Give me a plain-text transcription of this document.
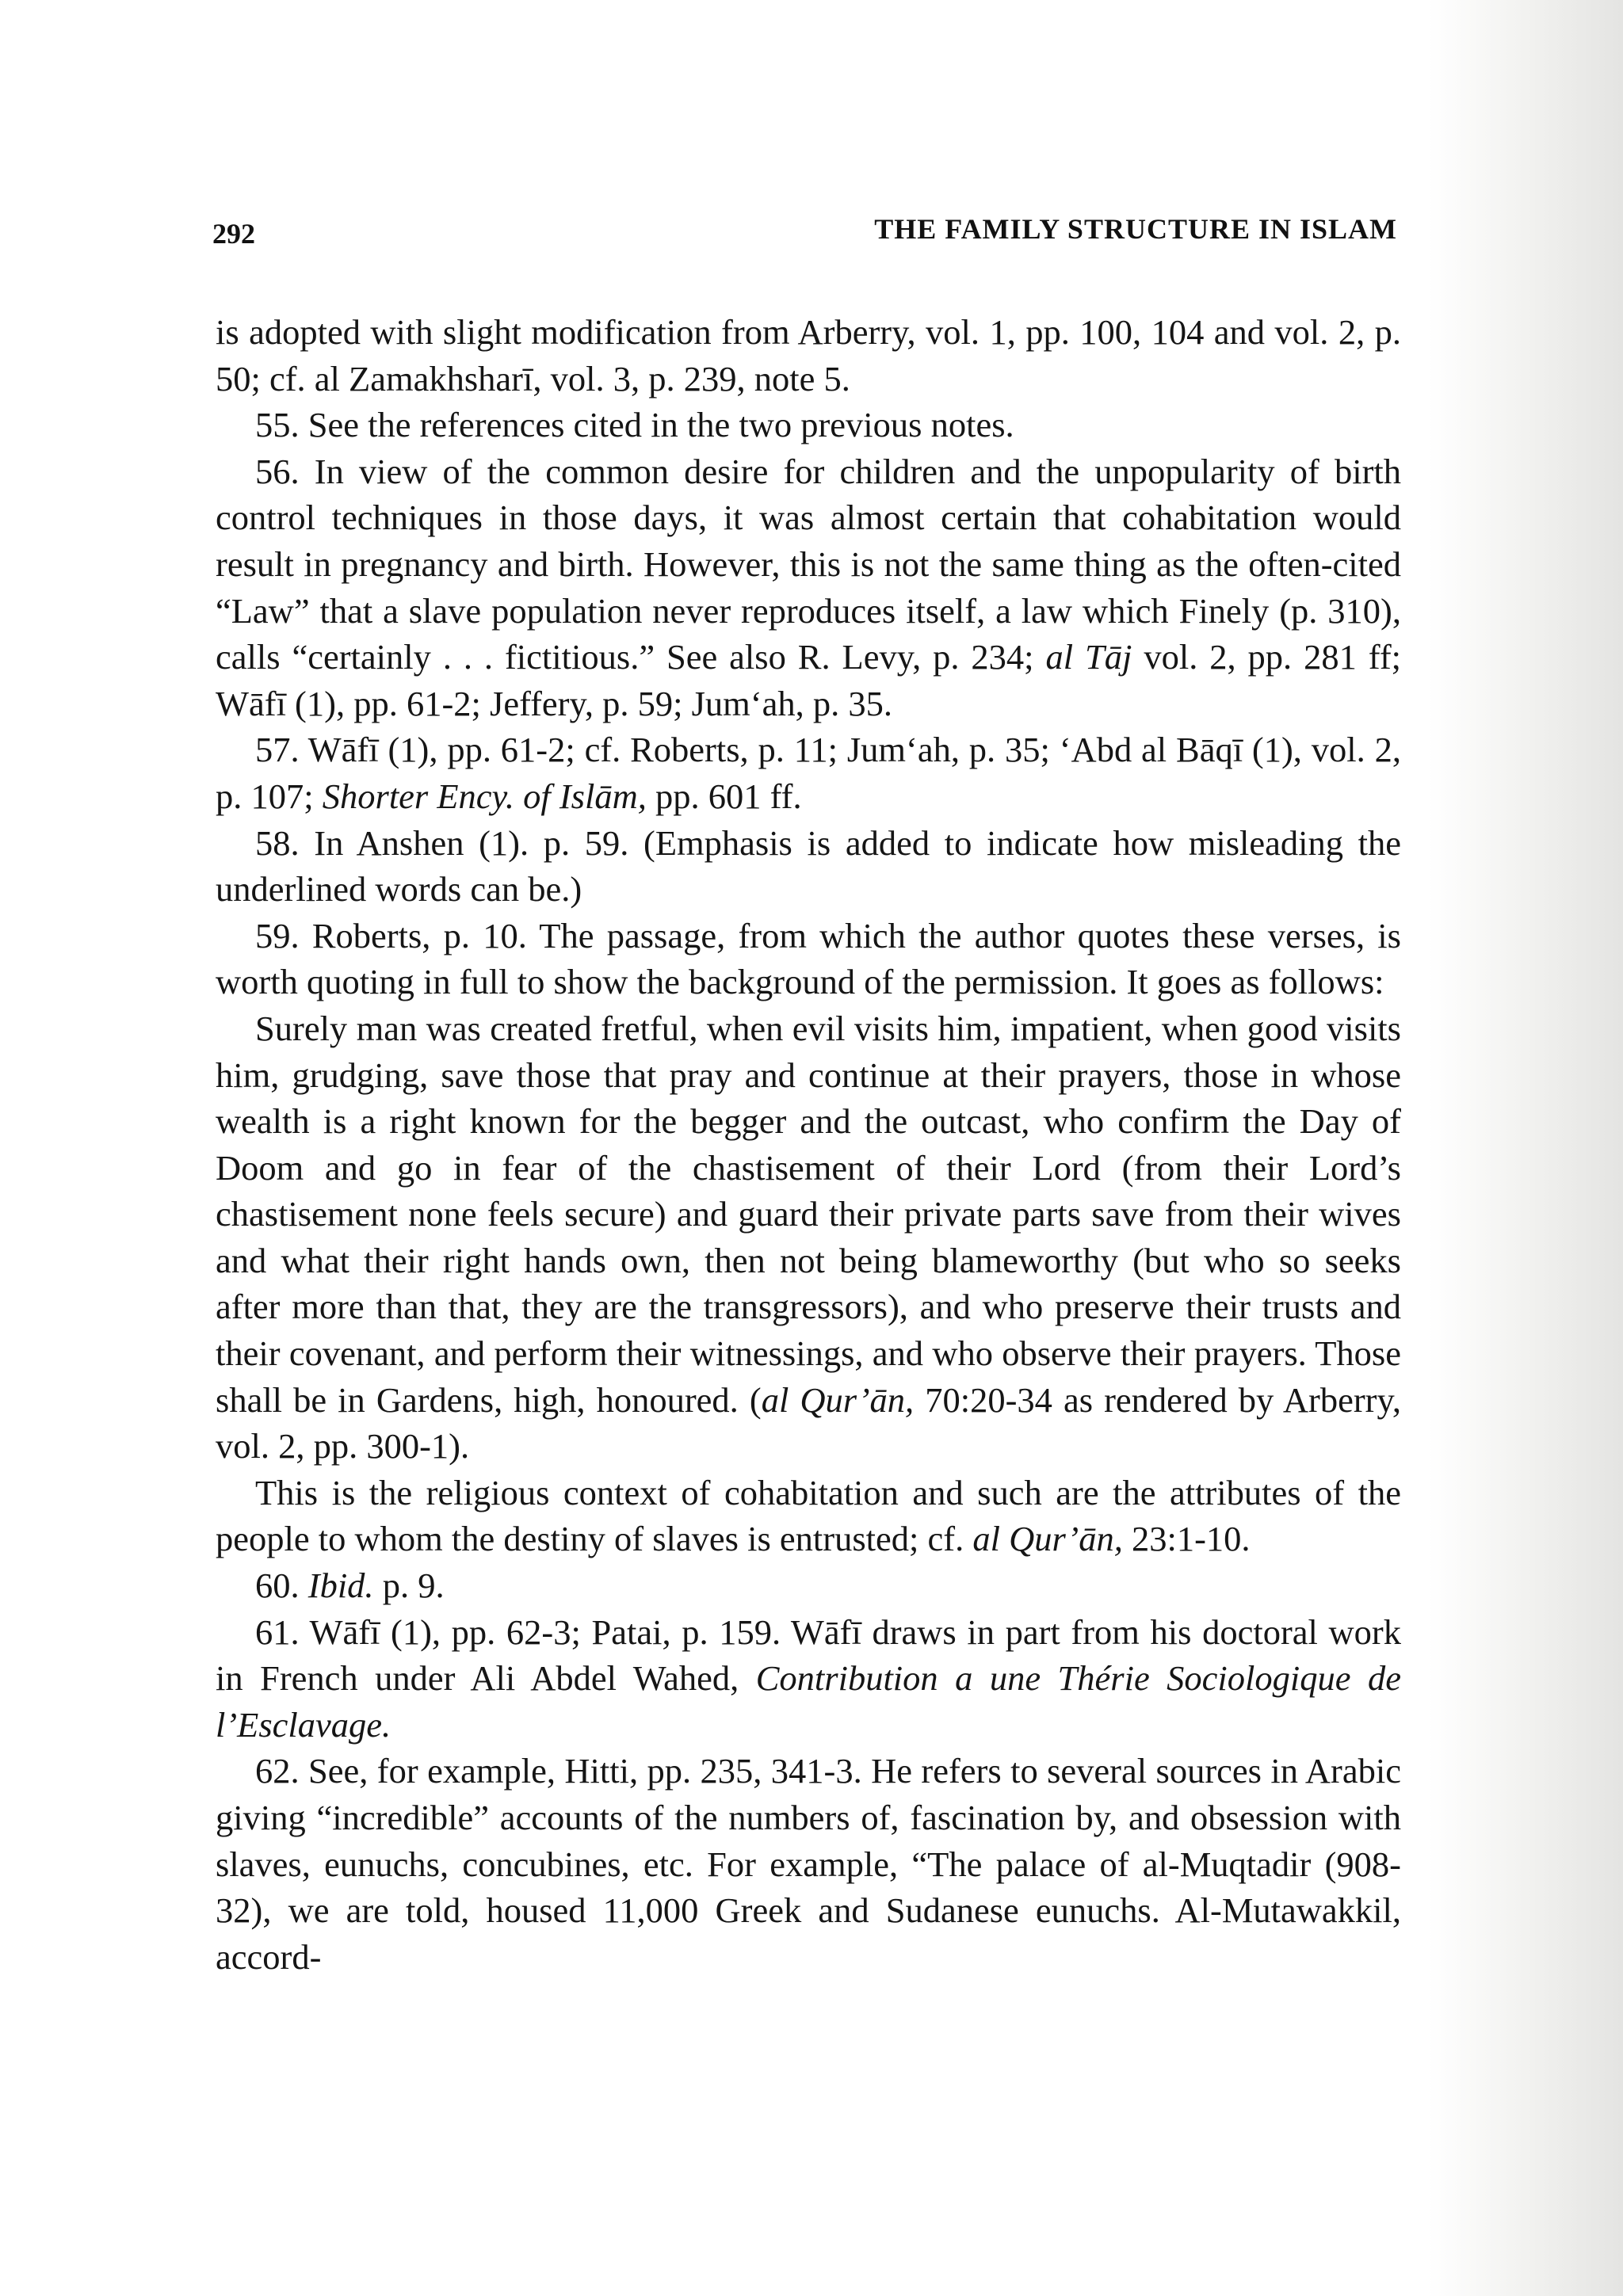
292	THE FAMILY STRUCTURE IN ISLAM

is adopted with slight modification from Arberry, vol. 1, pp. 100, 104 and vol. 2, p. 50; cf. al Zamakhsharī, vol. 3, p. 239, note 5.

55. See the references cited in the two previous notes.

56. In view of the common desire for children and the unpopularity of birth control techniques in those days, it was almost certain that cohabitation would result in pregnancy and birth. However, this is not the same thing as the often-cited “Law” that a slave population never reproduces itself, a law which Finely (p. 310), calls “certainly . . . fictitious.” See also R. Levy, p. 234; al Tāj vol. 2, pp. 281 ff; Wāfī (1), pp. 61-2; Jeffery, p. 59; Jum‘ah, p. 35.

57. Wāfī (1), pp. 61-2; cf. Roberts, p. 11; Jum‘ah, p. 35; ‘Abd al Bāqī (1), vol. 2, p. 107; Shorter Ency. of Islām, pp. 601 ff.

58. In Anshen (1). p. 59. (Emphasis is added to indicate how misleading the underlined words can be.)

59. Roberts, p. 10. The passage, from which the author quotes these verses, is worth quoting in full to show the background of the permission. It goes as follows:

Surely man was created fretful, when evil visits him, impatient, when good visits him, grudging, save those that pray and continue at their prayers, those in whose wealth is a right known for the begger and the outcast, who confirm the Day of Doom and go in fear of the chastisement of their Lord (from their Lord’s chastisement none feels secure) and guard their private parts save from their wives and what their right hands own, then not being blameworthy (but who so seeks after more than that, they are the transgressors), and who preserve their trusts and their covenant, and perform their witnessings, and who observe their prayers. Those shall be in Gardens, high, honoured. (al Qur’ān, 70:20-34 as rendered by Arberry, vol. 2, pp. 300-1).

This is the religious context of cohabitation and such are the attributes of the people to whom the destiny of slaves is entrusted; cf. al Qur’ān, 23:1-10.

60. Ibid. p. 9.

61. Wāfī (1), pp. 62-3; Patai, p. 159. Wāfī draws in part from his doctoral work in French under Ali Abdel Wahed, Contribution a une Thérie Sociologique de l’Esclavage.

62. See, for example, Hitti, pp. 235, 341-3. He refers to several sources in Arabic giving “incredible” accounts of the numbers of, fascination by, and obsession with slaves, eunuchs, concubines, etc. For example, “The palace of al-Muqtadir (908-32), we are told, housed 11,000 Greek and Sudanese eunuchs. Al-Mutawakkil, accord-
